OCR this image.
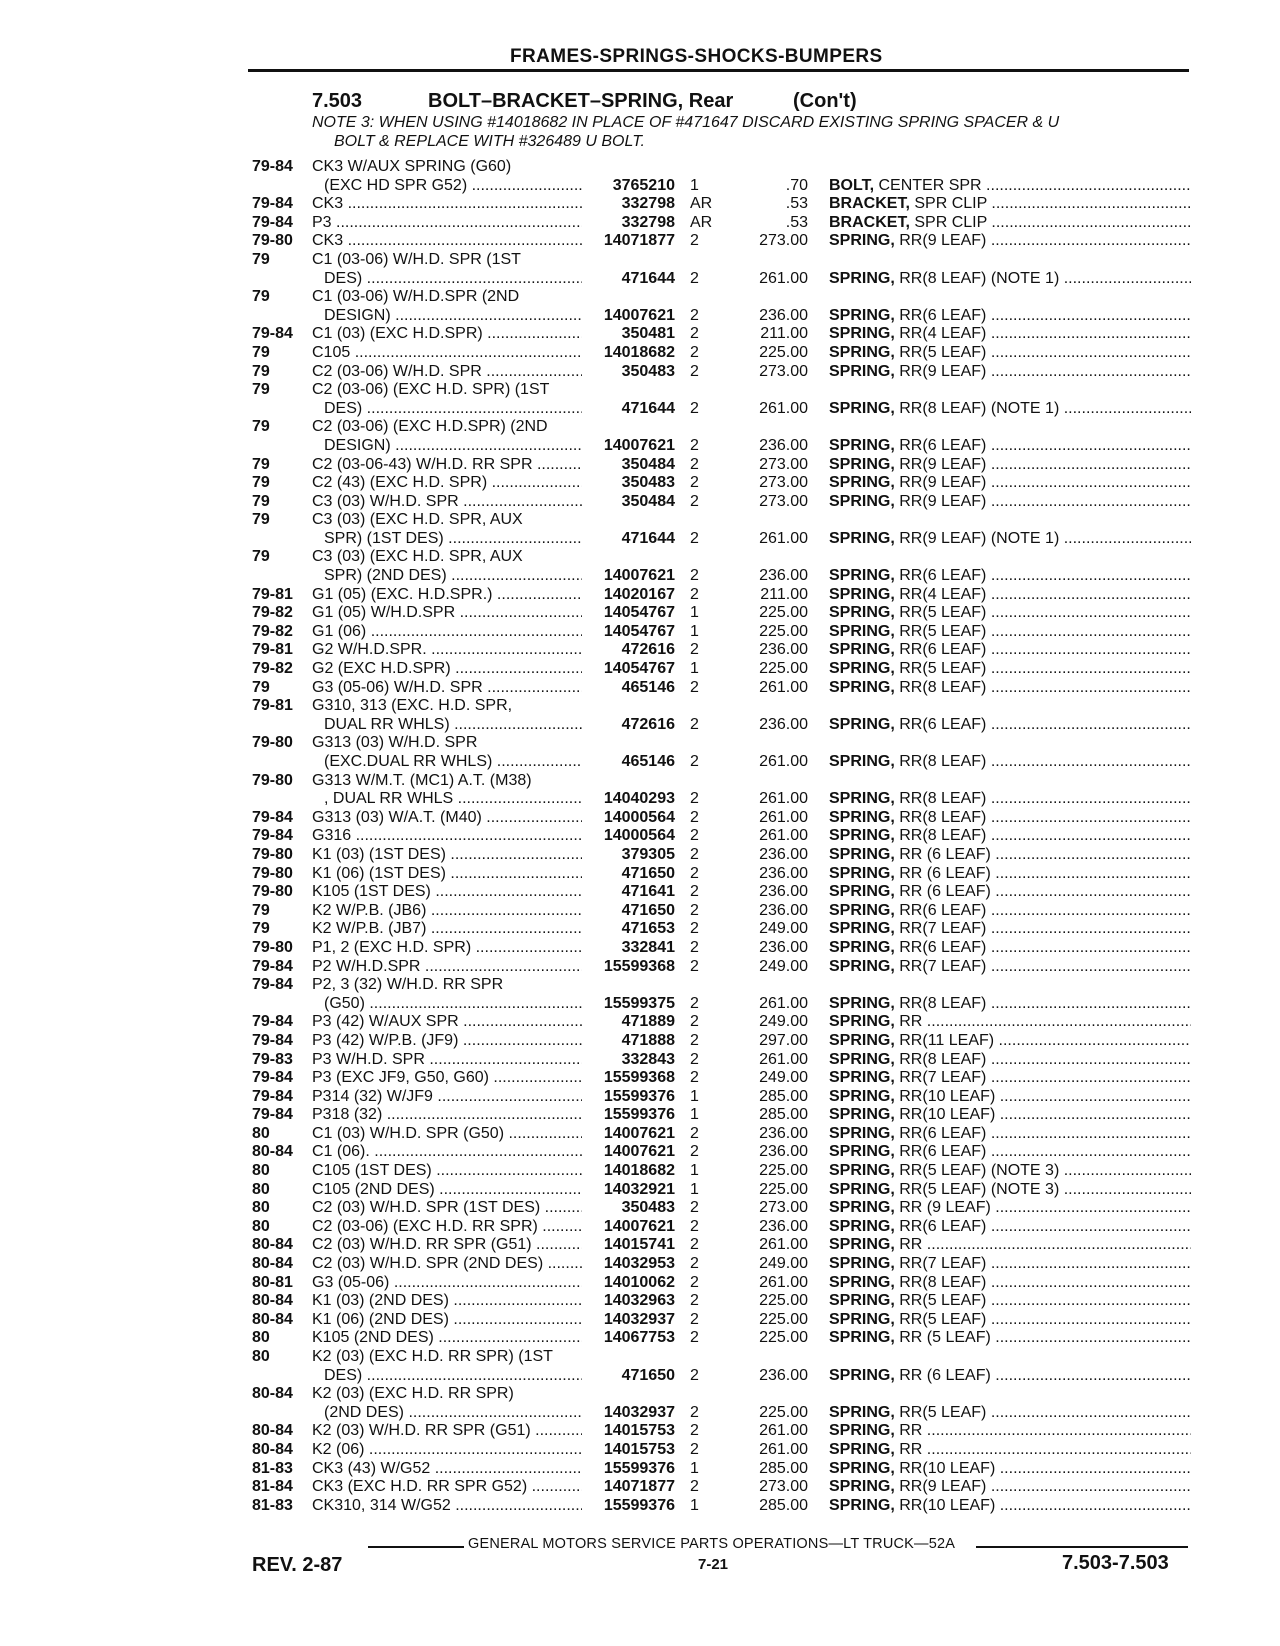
FRAMES-SPRINGS-SHOCKS-BUMPERS
7.503	BOLT–BRACKET–SPRING, Rear	(Con't)
NOTE 3: WHEN USING #14018682 IN PLACE OF #471647 DISCARD EXISTING SPRING SPACER & U
BOLT & REPLACE WITH #326489 U BOLT.
79-84	CK3 W/AUX SPRING (G60)
(EXC HD SPR G52) .....	3765210 1	.70 BOLT, CENTER SPR .....
79-84	CK3 .....	332798 AR	.53 BRACKET, SPR CLIP .....
79-84	P3 .....	332798 AR	.53 BRACKET, SPR CLIP .....
79-80	CK3 .....	14071877 2	273.00 SPRING, RR(9 LEAF) .....
79	C1 (03-06) W/H.D. SPR (1ST
DES) .....	471644 2	261.00 SPRING, RR(8 LEAF) (NOTE 1) .....
79	C1 (03-06) W/H.D.SPR (2ND
DESIGN) .....	14007621 2	236.00 SPRING, RR(6 LEAF) .....
79-84	C1 (03) (EXC H.D.SPR) .....	350481 2	211.00 SPRING, RR(4 LEAF) .....
79	C105 .....	14018682 2	225.00 SPRING, RR(5 LEAF) .....
79	C2 (03-06) W/H.D. SPR .....	350483 2	273.00 SPRING, RR(9 LEAF) .....
79	C2 (03-06) (EXC H.D. SPR) (1ST
DES) .....	471644 2	261.00 SPRING, RR(8 LEAF) (NOTE 1) .....
79	C2 (03-06) (EXC H.D.SPR) (2ND
DESIGN) .....	14007621 2	236.00 SPRING, RR(6 LEAF) .....
79	C2 (03-06-43) W/H.D. RR SPR .....	350484 2	273.00 SPRING, RR(9 LEAF) .....
79	C2 (43) (EXC H.D. SPR) .....	350483 2	273.00 SPRING, RR(9 LEAF) .....
79	C3 (03) W/H.D. SPR .....	350484 2	273.00 SPRING, RR(9 LEAF) .....
79	C3 (03) (EXC H.D. SPR, AUX
SPR) (1ST DES) .....	471644 2	261.00 SPRING, RR(9 LEAF) (NOTE 1) .....
79	C3 (03) (EXC H.D. SPR, AUX
SPR) (2ND DES) .....	14007621 2	236.00 SPRING, RR(6 LEAF) .....
79-81	G1 (05) (EXC. H.D.SPR.) .....	14020167 2	211.00 SPRING, RR(4 LEAF) .....
79-82	G1 (05) W/H.D.SPR .....	14054767 1	225.00 SPRING, RR(5 LEAF) .....
79-82	G1 (06) .....	14054767 1	225.00 SPRING, RR(5 LEAF) .....
79-81	G2 W/H.D.SPR. .....	472616 2	236.00 SPRING, RR(6 LEAF) .....
79-82	G2 (EXC H.D.SPR) .....	14054767 1	225.00 SPRING, RR(5 LEAF) .....
79	G3 (05-06) W/H.D. SPR .....	465146 2	261.00 SPRING, RR(8 LEAF) .....
79-81	G310, 313 (EXC. H.D. SPR,
DUAL RR WHLS) .....	472616 2	236.00 SPRING, RR(6 LEAF) .....
79-80	G313 (03) W/H.D. SPR
(EXC.DUAL RR WHLS) .....	465146 2	261.00 SPRING, RR(8 LEAF) .....
79-80	G313 W/M.T. (MC1) A.T. (M38)
, DUAL RR WHLS .....	14040293 2	261.00 SPRING, RR(8 LEAF) .....
79-84	G313 (03) W/A.T. (M40) .....	14000564 2	261.00 SPRING, RR(8 LEAF) .....
79-84	G316 .....	14000564 2	261.00 SPRING, RR(8 LEAF) .....
79-80	K1 (03) (1ST DES) .....	379305 2	236.00 SPRING, RR (6 LEAF) .....
79-80	K1 (06) (1ST DES) .....	471650 2	236.00 SPRING, RR (6 LEAF) .....
79-80	K105 (1ST DES) .....	471641 2	236.00 SPRING, RR (6 LEAF) .....
79	K2 W/P.B. (JB6) .....	471650 2	236.00 SPRING, RR(6 LEAF) .....
79	K2 W/P.B. (JB7) .....	471653 2	249.00 SPRING, RR(7 LEAF) .....
79-80	P1, 2 (EXC H.D. SPR) .....	332841 2	236.00 SPRING, RR(6 LEAF) .....
79-84	P2 W/H.D.SPR .....	15599368 2	249.00 SPRING, RR(7 LEAF) .....
79-84	P2, 3 (32) W/H.D. RR SPR
(G50) .....	15599375 2	261.00 SPRING, RR(8 LEAF) .....
79-84	P3 (42) W/AUX SPR .....	471889 2	249.00 SPRING, RR .....
79-84	P3 (42) W/P.B. (JF9) .....	471888 2	297.00 SPRING, RR(11 LEAF) .....
79-83	P3 W/H.D. SPR .....	332843 2	261.00 SPRING, RR(8 LEAF) .....
79-84	P3 (EXC JF9, G50, G60) .....	15599368 2	249.00 SPRING, RR(7 LEAF) .....
79-84	P314 (32) W/JF9 .....	15599376 1	285.00 SPRING, RR(10 LEAF) .....
79-84	P318 (32) .....	15599376 1	285.00 SPRING, RR(10 LEAF) .....
80	C1 (03) W/H.D. SPR (G50) .....	14007621 2	236.00 SPRING, RR(6 LEAF) .....
80-84	C1 (06). .....	14007621 2	236.00 SPRING, RR(6 LEAF) .....
80	C105 (1ST DES) .....	14018682 1	225.00 SPRING, RR(5 LEAF) (NOTE 3) .....
80	C105 (2ND DES) .....	14032921 1	225.00 SPRING, RR(5 LEAF) (NOTE 3) .....
80	C2 (03) W/H.D. SPR (1ST DES) .....	350483 2	273.00 SPRING, RR (9 LEAF) .....
80	C2 (03-06) (EXC H.D. RR SPR) .....	14007621 2	236.00 SPRING, RR(6 LEAF) .....
80-84	C2 (03) W/H.D. RR SPR (G51) .....	14015741 2	261.00 SPRING, RR .....
80-84	C2 (03) W/H.D. SPR (2ND DES) .....	14032953 2	249.00 SPRING, RR(7 LEAF) .....
80-81	G3 (05-06) .....	14010062 2	261.00 SPRING, RR(8 LEAF) .....
80-84	K1 (03) (2ND DES) .....	14032963 2	225.00 SPRING, RR(5 LEAF) .....
80-84	K1 (06) (2ND DES) .....	14032937 2	225.00 SPRING, RR(5 LEAF) .....
80	K105 (2ND DES) .....	14067753 2	225.00 SPRING, RR (5 LEAF) .....
80	K2 (03) (EXC H.D. RR SPR) (1ST
DES) .....	471650 2	236.00 SPRING, RR (6 LEAF) .....
80-84	K2 (03) (EXC H.D. RR SPR)
(2ND DES) .....	14032937 2	225.00 SPRING, RR(5 LEAF) .....
80-84	K2 (03) W/H.D. RR SPR (G51) .....	14015753 2	261.00 SPRING, RR .....
80-84	K2 (06) .....	14015753 2	261.00 SPRING, RR .....
81-83	CK3 (43) W/G52 .....	15599376 1	285.00 SPRING, RR(10 LEAF) .....
81-84	CK3 (EXC H.D. RR SPR G52) .....	14071877 2	273.00 SPRING, RR(9 LEAF) .....
81-83	CK310, 314 W/G52 .....	15599376 1	285.00 SPRING, RR(10 LEAF) .....
GENERAL MOTORS SERVICE PARTS OPERATIONS—LT TRUCK—52A
REV. 2-87	7-21	7.503-7.503
